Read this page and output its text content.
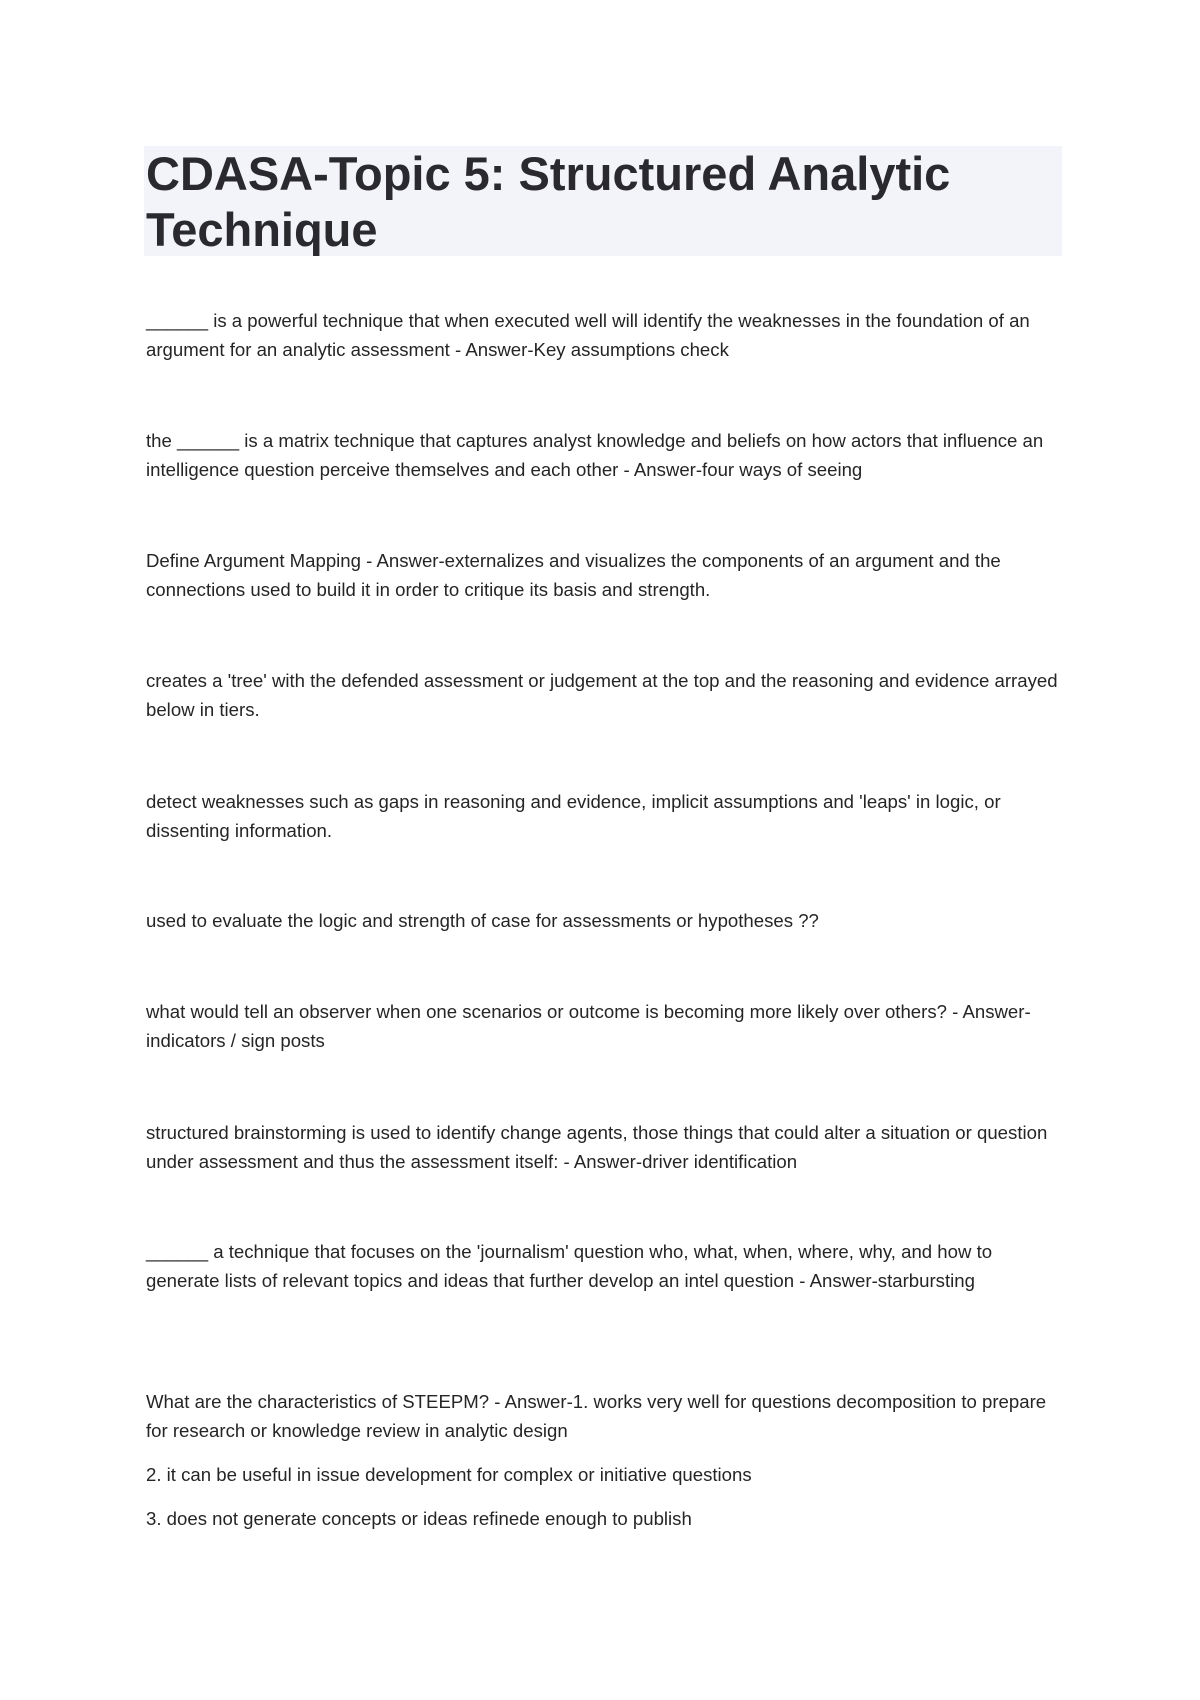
CDASA-Topic 5: Structured Analytic Technique

______ is a powerful technique that when executed well will identify the weaknesses in the foundation of an argument for an analytic assessment - Answer-Key assumptions check

the ______ is a matrix technique that captures analyst knowledge and beliefs on how actors that influence an intelligence question perceive themselves and each other - Answer-four ways of seeing

Define Argument Mapping - Answer-externalizes and visualizes the components of an argument and the connections used to build it in order to critique its basis and strength.

creates a 'tree' with the defended assessment or judgement at the top and the reasoning and evidence arrayed below in tiers.

detect weaknesses such as gaps in reasoning and evidence, implicit assumptions and 'leaps' in logic, or dissenting information.

used to evaluate the logic and strength of case for assessments or hypotheses ??

what would tell an observer when one scenarios or outcome is becoming more likely over others? - Answer-indicators / sign posts

structured brainstorming is used to identify change agents, those things that could alter a situation or question under assessment and thus the assessment itself: - Answer-driver identification

______ a technique that focuses on the 'journalism' question who, what, when, where, why, and how to generate lists of relevant topics and ideas that further develop an intel question - Answer-starbursting

What are the characteristics of STEEPM? - Answer-1. works very well for questions decomposition to prepare for research or knowledge review in analytic design

2. it can be useful in issue development for complex or initiative questions

3. does not generate concepts or ideas refinede enough to publish
